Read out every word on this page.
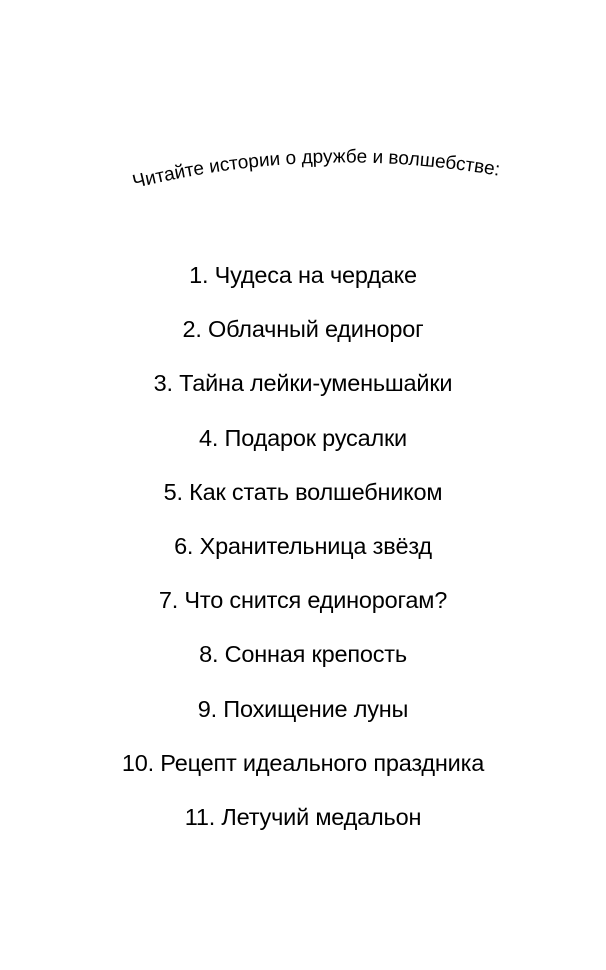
Читайте истории о дружбе и волшебстве:
1. Чудеса на чердаке
2. Облачный единорог
3. Тайна лейки-уменьшайки
4. Подарок русалки
5. Как стать волшебником
6. Хранительница звёзд
7. Что снится единорогам?
8. Сонная крепость
9. Похищение луны
10. Рецепт идеального праздника
11. Летучий медальон
